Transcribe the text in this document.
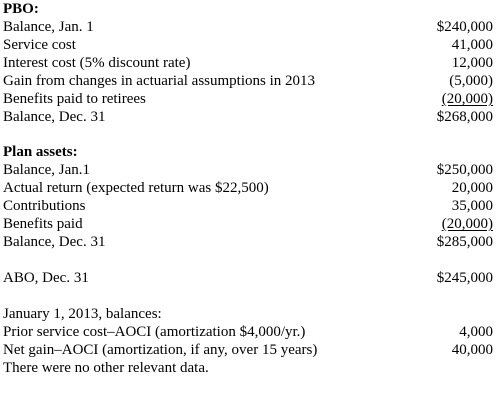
PBO:
Balance, Jan. 1	$240,000
Service cost	41,000
Interest cost (5% discount rate)	12,000
Gain from changes in actuarial assumptions in 2013	(5,000)
Benefits paid to retirees	(20,000)
Balance, Dec. 31	$268,000
Plan assets:
Balance, Jan.1	$250,000
Actual return (expected return was $22,500)	20,000
Contributions	35,000
Benefits paid	(20,000)
Balance, Dec. 31	$285,000
ABO, Dec. 31	$245,000
January 1, 2013, balances:
Prior service cost–AOCI (amortization $4,000/yr.)	4,000
Net gain–AOCI (amortization, if any, over 15 years)	40,000
There were no other relevant data.
